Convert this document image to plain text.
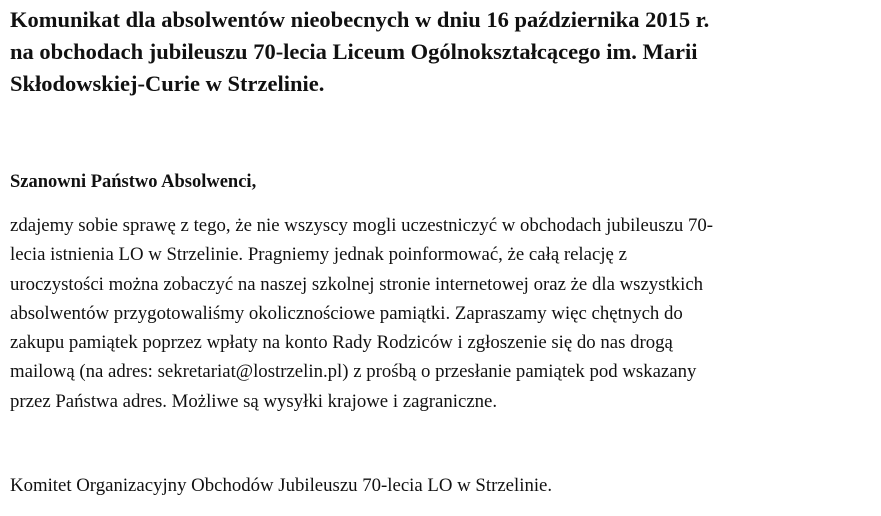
Komunikat dla absolwentów nieobecnych w dniu 16 października 2015 r.
na obchodach jubileuszu 70-lecia Liceum Ogólnokształcącego im. Marii
Skłodowskiej-Curie w Strzelinie.

Szanowni Państwo Absolwenci,

zdajemy sobie sprawę z tego, że nie wszyscy mogli uczestniczyć w obchodach jubileuszu 70-
lecia istnienia LO w Strzelinie. Pragniemy jednak poinformować, że całą relację z
uroczystości można zobaczyć na naszej szkolnej stronie internetowej oraz że dla wszystkich
absolwentów przygotowaliśmy okolicznościowe pamiątki. Zapraszamy więc chętnych do
zakupu pamiątek poprzez wpłaty na konto Rady Rodziców i zgłoszenie się do nas drogą
mailową (na adres: sekretariat@lostrzelin.pl) z prośbą o przesłanie pamiątek pod wskazany
przez Państwa adres. Możliwe są wysyłki krajowe i zagraniczne.

Komitet Organizacyjny Obchodów Jubileuszu 70-lecia LO w Strzelinie.
